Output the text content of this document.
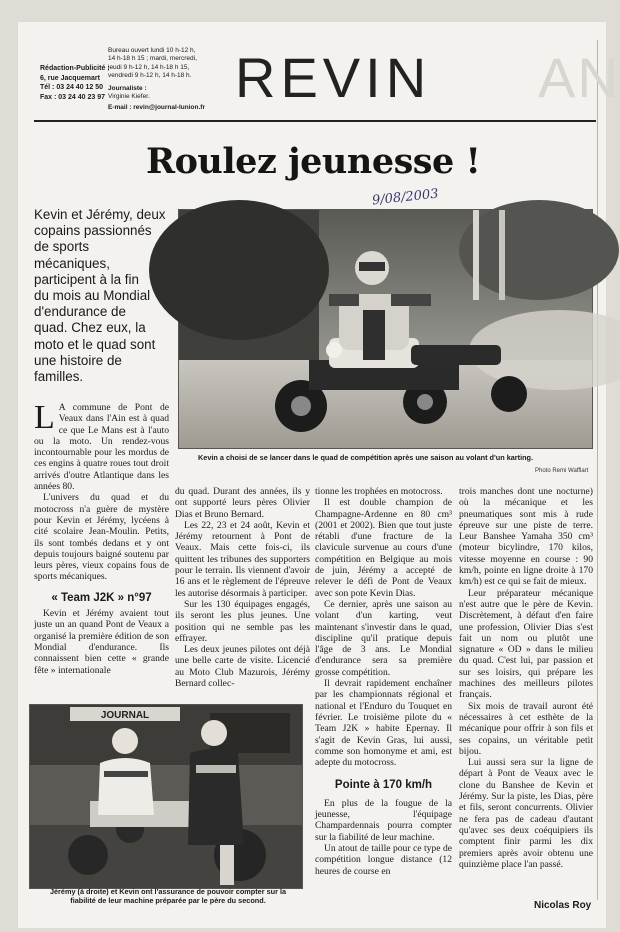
Rédaction-Publicité :
6, rue Jacquemart
Tél : 03 24 40 12 50
Fax : 03 24 40 23 97
Bureau ouvert lundi 10 h-12 h,
14 h-18 h 15 ; mardi, mercredi,
jeudi 9 h-12 h, 14 h-18 h 15,
vendredi 9 h-12 h, 14 h-18 h.
Journaliste :
Virginie Kiefer.
E-mail : revin@journal-lunion.fr REVIN AN
Roulez jeunesse !
9/08/2003
Kevin et Jérémy, deux
copains passionnés
de sports
mécaniques,
participent à la fin
du mois au Mondial
d'endurance de
quad. Chez eux, la
moto et le quad sont
une histoire de
familles.
Kevin a choisi de se lancer dans le quad de compétition après une saison au volant d'un karting.
Photo Remi Wafflart

L A commune de Pont de Veaux dans l'Ain est à quad ce que Le Mans est à l'auto ou la moto. Un rendez-vous incontournable pour les mordus de ces engins à quatre roues tout droit arrivés d'outre Atlantique dans les années 80.

L'univers du quad et du motocross n'a guère de mystère pour Kevin et Jérémy, lycéens à cité scolaire Jean-Moulin. Petits, ils sont tombés dedans et y ont depuis toujours baigné soutenu par leurs pères, vieux copains fous de sports mécaniques.

« Team J2K » n°97

Kevin et Jérémy avaient tout juste un an quand Pont de Veaux a organisé la première édition de son Mondial d'endurance. Ils connaissent bien cette « grande fête » internationale

du quad. Durant des années, ils y ont supporté leurs pères Olivier Dias et Bruno Bernard.

Les 22, 23 et 24 août, Kevin et Jérémy retournent à Pont de Veaux. Mais cette fois-ci, ils quittent les tribunes des supporters pour le terrain. Ils viennent d'avoir 16 ans et le règlement de l'épreuve les autorise désormais à participer.

Sur les 130 équipages engagés, ils seront les plus jeunes. Une position qui ne semble pas les effrayer.

Les deux jeunes pilotes ont déjà une belle carte de visite. Licencié au Moto Club Mazurois, Jérémy Bernard collec-

tionne les trophées en motocross.

Il est double champion de Champagne-Ardenne en 80 cm³ (2001 et 2002). Bien que tout juste rétabli d'une fracture de la clavicule survenue au cours d'une compétition en Belgique au mois de juin, Jérémy a accepté de relever le défi de Pont de Veaux avec son pote Kevin Dias.

Ce dernier, après une saison au volant d'un karting, veut maintenant s'investir dans le quad, discipline qu'il pratique depuis l'âge de 3 ans. Le Mondial d'endurance sera sa première grosse compétition.

Il devrait rapidement enchaîner par les championnats régional et national et l'Enduro du Touquet en février. Le troisième pilote du « Team J2K » habite Epernay. Il s'agit de Kevin Gras, lui aussi, comme son homonyme et ami, est adepte du motocross.

Pointe à 170 km/h

En plus de la fougue de la jeunesse, l'équipage Champardennais pourra compter sur la fiabilité de leur machine.

Un atout de taille pour ce type de compétition longue distance (12 heures de course en

trois manches dont une nocturne) où la mécanique et les pneumatiques sont mis à rude épreuve sur une piste de terre. Leur Banshee Yamaha 350 cm³ (moteur bicylindre, 170 kilos, vitesse moyenne en course : 90 km/h, pointe en ligne droite à 170 km/h) est ce qui se fait de mieux.

Leur préparateur mécanique n'est autre que le père de Kevin. Discrètement, à défaut d'en faire une profession, Olivier Dias s'est fait un nom ou plutôt une signature « OD » dans le milieu du quad. C'est lui, par passion et sur ses loisirs, qui prépare les machines des meilleurs pilotes français.

Six mois de travail auront été nécessaires à cet esthète de la mécanique pour offrir à son fils et ses copains, un véritable petit bijou.

Lui aussi sera sur la ligne de départ à Pont de Veaux avec le clone du Banshee de Kevin et Jérémy. Sur la piste, les Dias, père et fils, seront concurrents. Olivier ne fera pas de cadeau d'autant qu'avec ses deux coéquipiers ils comptent finir parmi les dix premiers après avoir obtenu une quinzième place l'an passé.

JOURNAL
Jérémy (à droite) et Kevin ont l'assurance de pouvoir compter sur la fiabilité de leur machine préparée par le père du second.	Nicolas Roy
